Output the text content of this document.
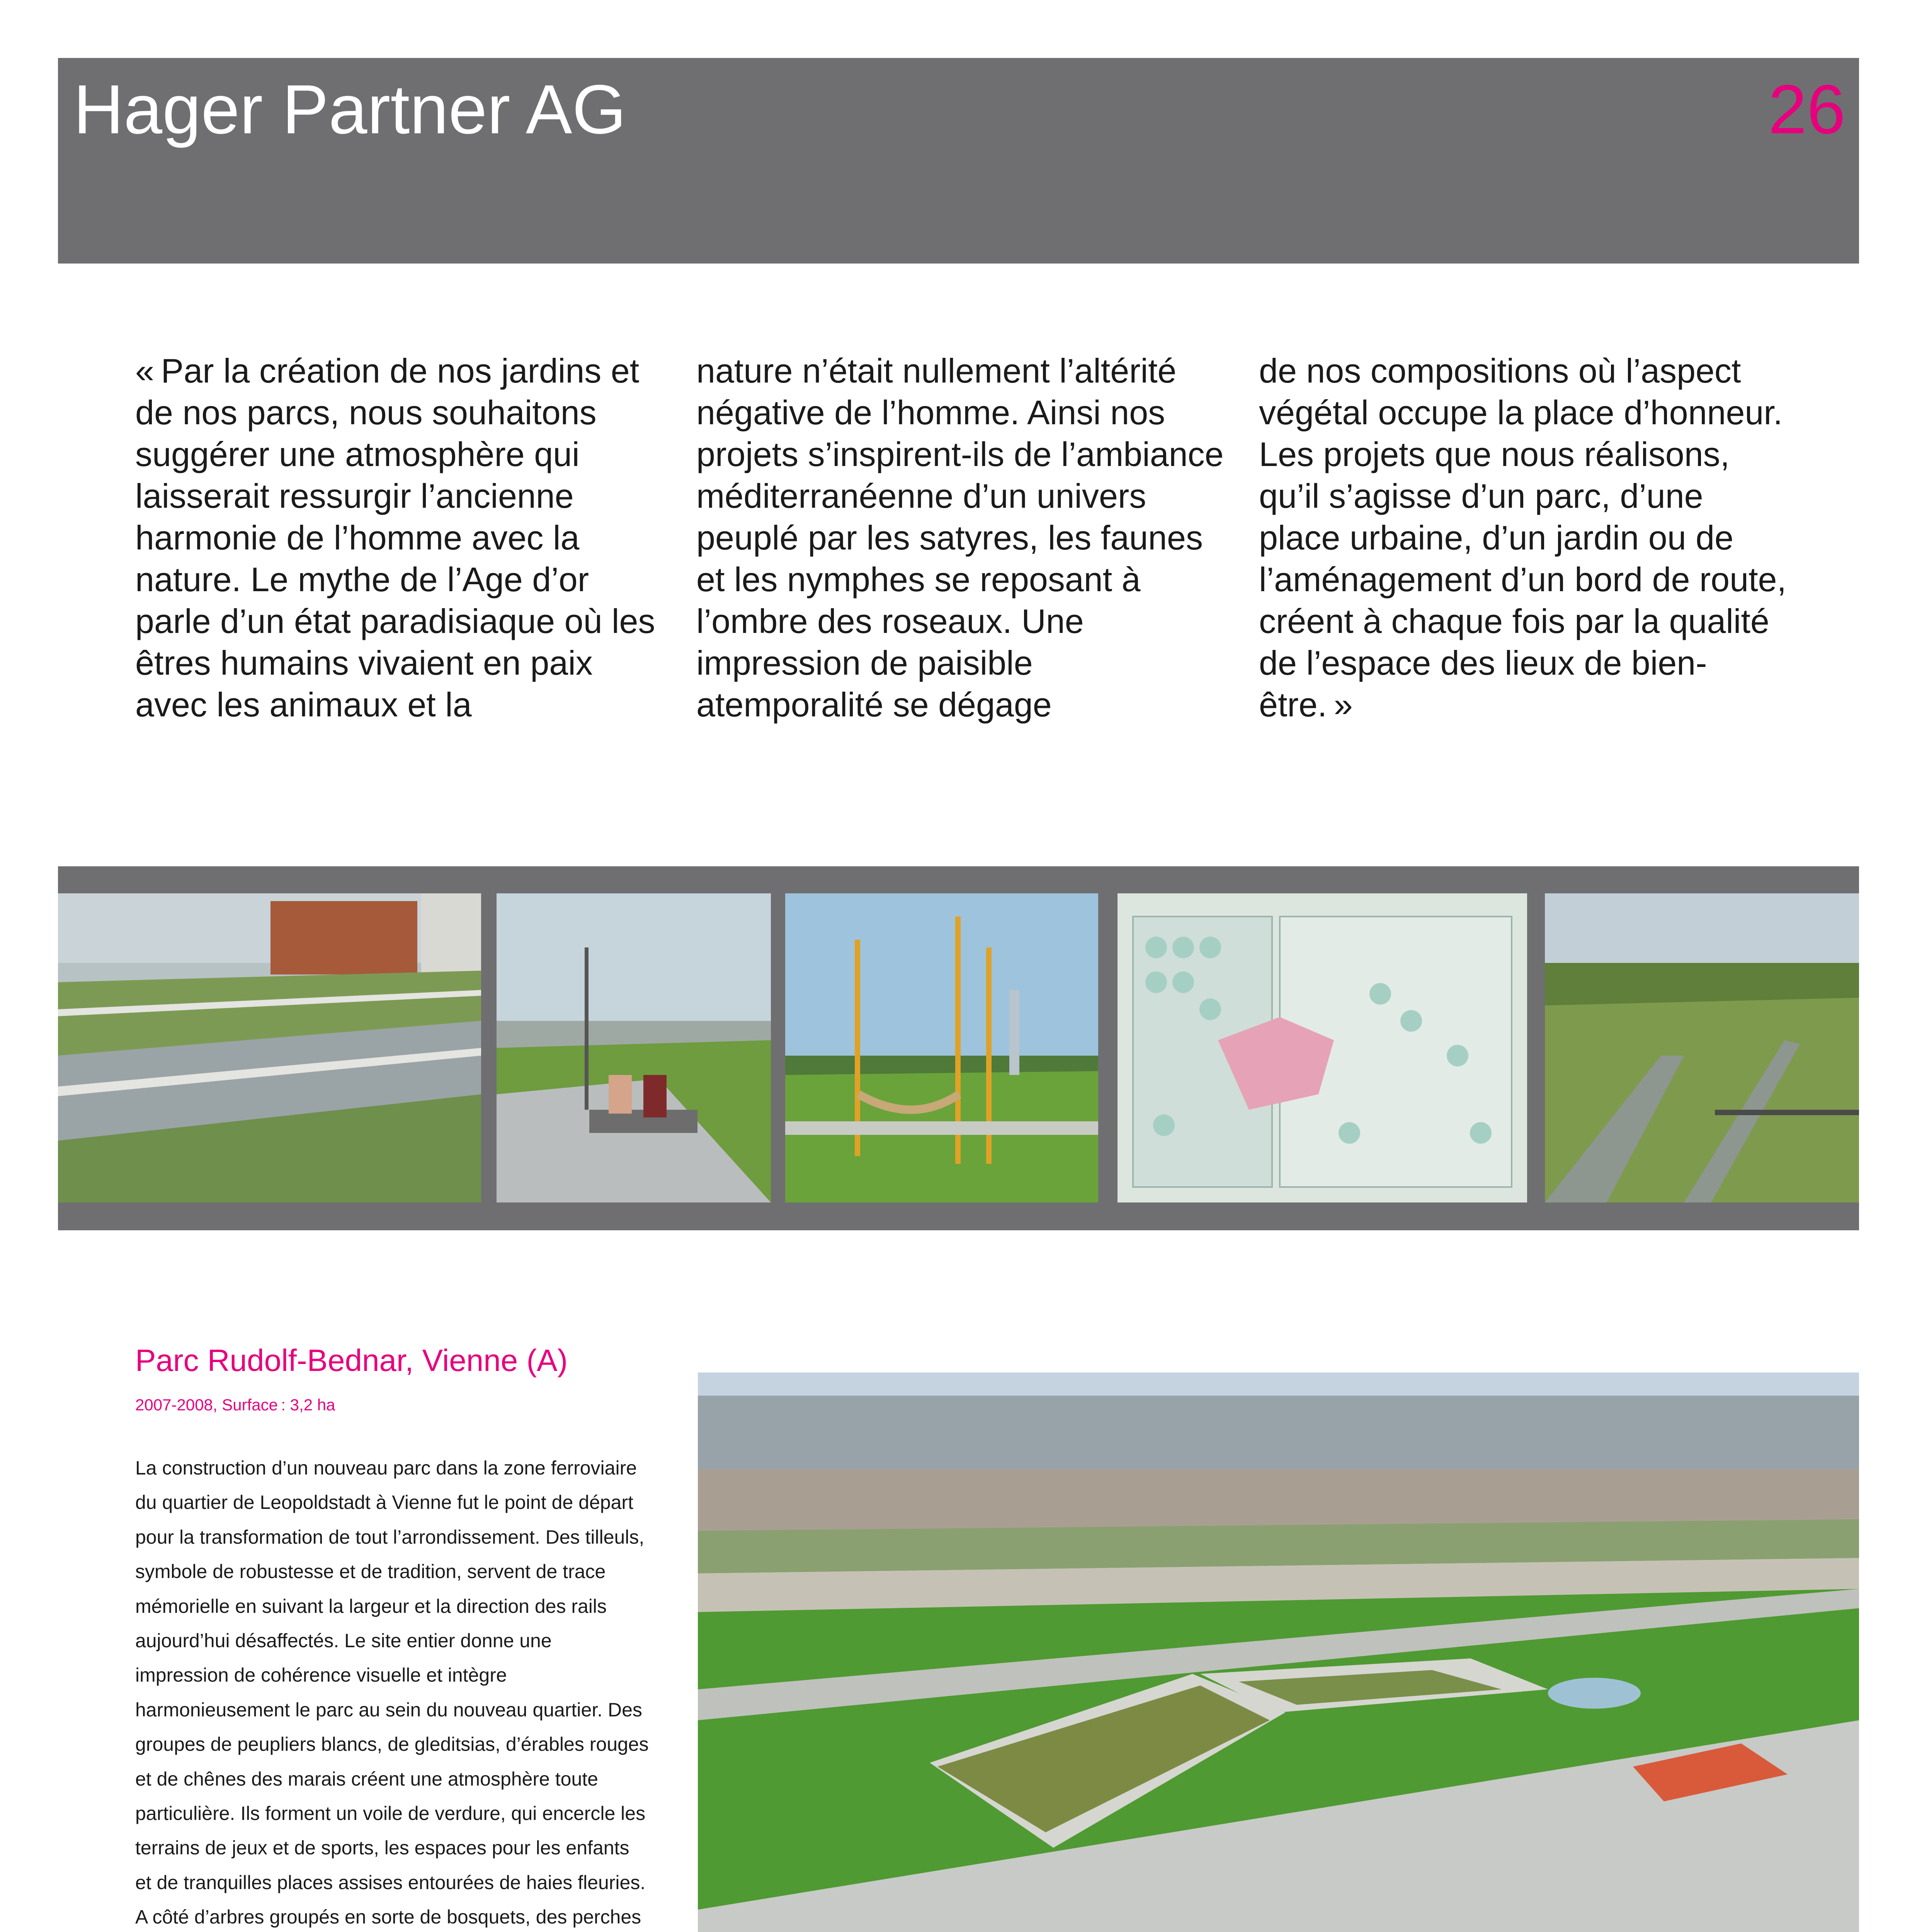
Hager Partner AG	26
« Par la création de nos jardins et de nos parcs, nous souhaitons suggérer une atmosphère qui laisserait ressurgir l’ancienne harmonie de l’homme avec la nature. Le mythe de l’Age d’or parle d’un état paradisiaque où les êtres humains vivaient en paix avec les animaux et la
nature n’était nullement l’altérité négative de l’homme. Ainsi nos projets s’inspirent-ils de l’ambiance méditerranéenne d’un univers peuplé par les satyres, les faunes et les nymphes se reposant à l’ombre des roseaux. Une impression de paisible atemporalité se dégage
de nos compositions où l’aspect végétal occupe la place d’honneur. Les projets que nous réalisons, qu’il s’agisse d’un parc, d’une place urbaine, d’un jardin ou de l’aménagement d’un bord de route, créent à chaque fois par la qualité de l’espace des lieux de bien-être. »
Parc Rudolf-Bednar, Vienne (A)
2007-2008, Surface : 3,2 ha
La construction d’un nouveau parc dans la zone ferroviaire du quartier de Leopoldstadt à Vienne fut le point de départ pour la transformation de tout l’arrondissement. Des tilleuls, symbole de robustesse et de tradition, servent de trace mémorielle en suivant la largeur et la direction des rails aujourd’hui désaffectés. Le site entier donne une impression de cohérence visuelle et intègre harmonieusement le parc au sein du nouveau quartier. Des groupes de peupliers blancs, de gleditsias, d’érables rouges et de chênes des marais créent une atmosphère toute particulière. Ils forment un voile de verdure, qui encercle les terrains de jeux et de sports, les espaces pour les enfants et de tranquilles places assises entourées de haies fleuries. A côté d’arbres groupés en sorte de bosquets, des perches
